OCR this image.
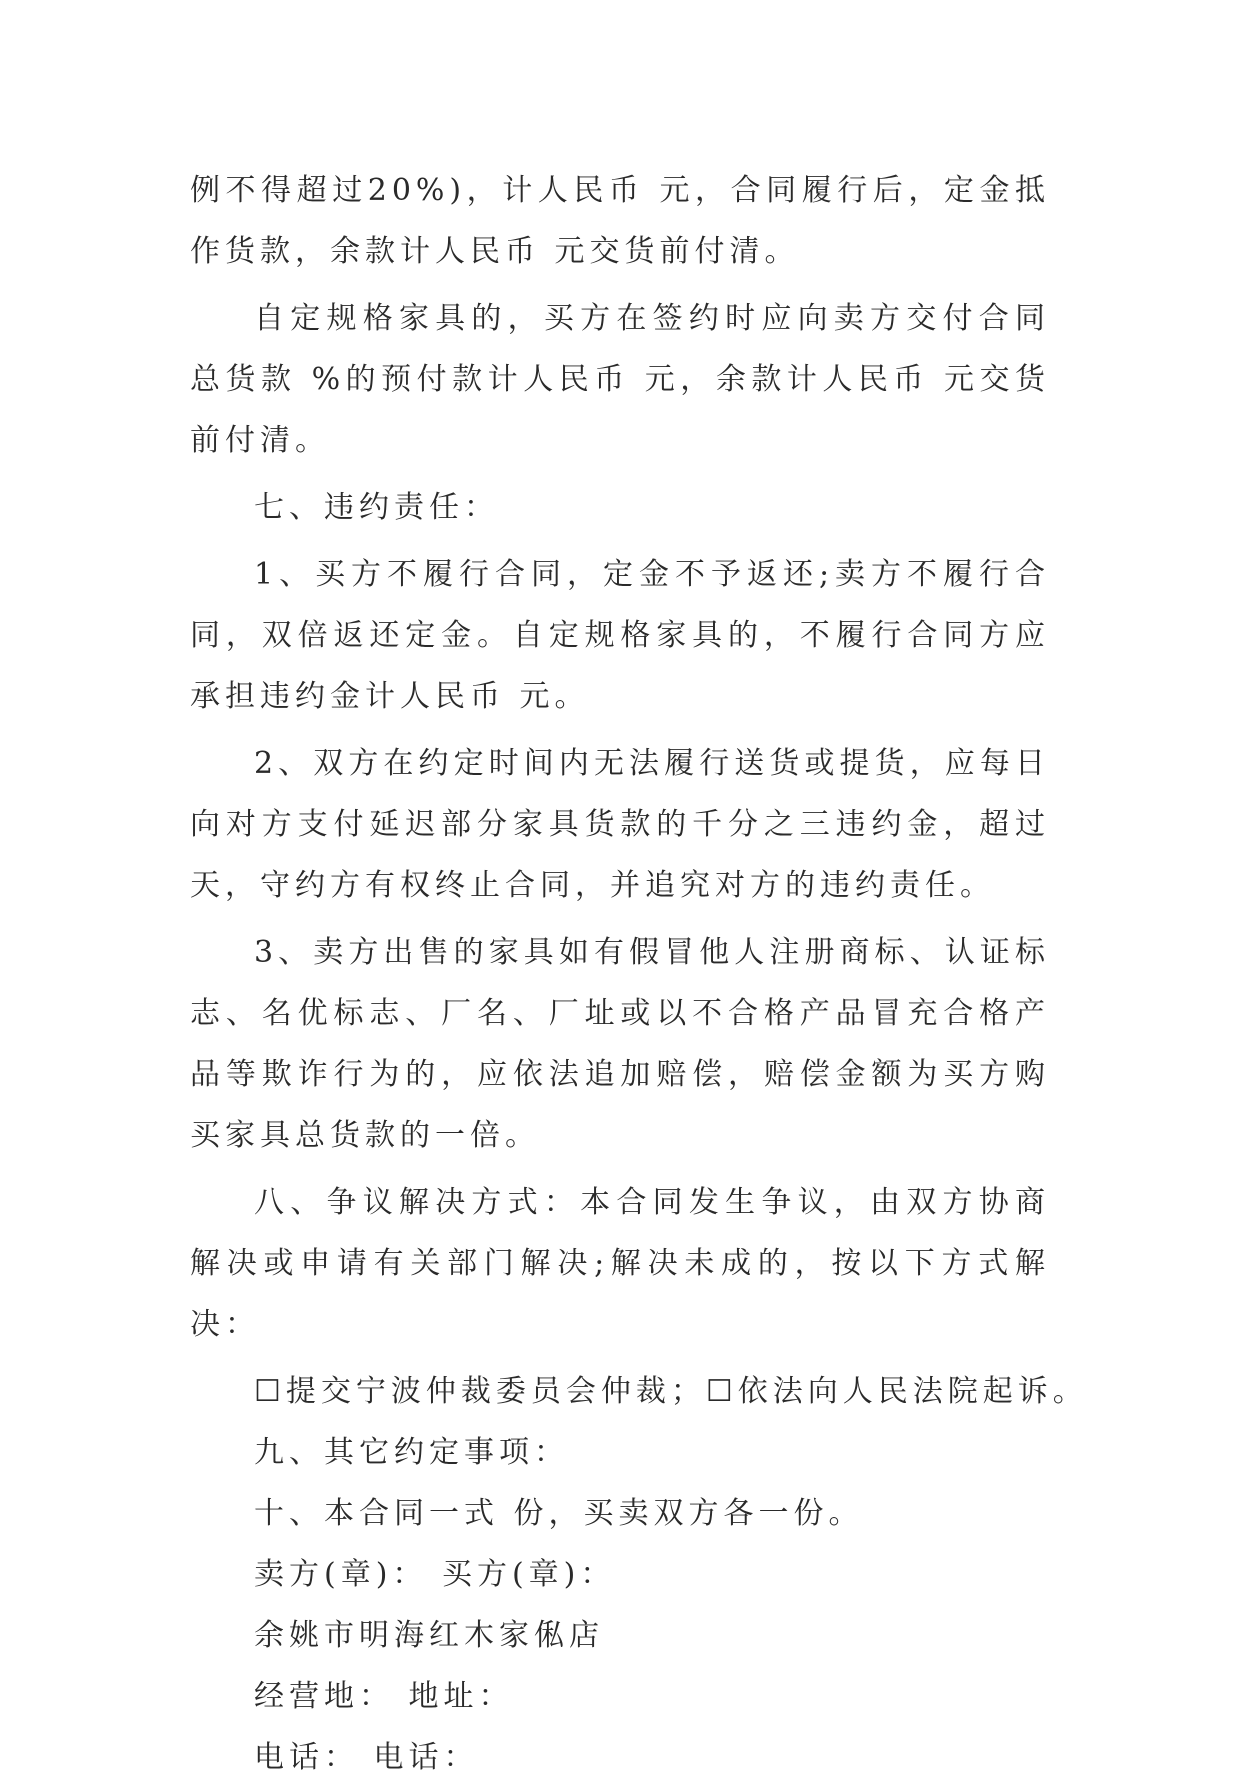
例不得超过20%)，计人民币 元，合同履行后，定金抵作货款，余款计人民币 元交货前付清。

自定规格家具的，买方在签约时应向卖方交付合同总货款 %的预付款计人民币 元，余款计人民币 元交货前付清。

七、违约责任：

1、买方不履行合同，定金不予返还;卖方不履行合同，双倍返还定金。自定规格家具的，不履行合同方应承担违约金计人民币 元。

2、双方在约定时间内无法履行送货或提货，应每日向对方支付延迟部分家具货款的千分之三违约金，超过天，守约方有权终止合同，并追究对方的违约责任。

3、卖方出售的家具如有假冒他人注册商标、认证标志、名优标志、厂名、厂址或以不合格产品冒充合格产品等欺诈行为的，应依法追加赔偿，赔偿金额为买方购买家具总货款的一倍。

八、争议解决方式：本合同发生争议，由双方协商解决或申请有关部门解决;解决未成的，按以下方式解决：

☐提交宁波仲裁委员会仲裁；☐依法向人民法院起诉。

九、其它约定事项：

十、本合同一式 份，买卖双方各一份。

卖方(章)： 买方(章)：

余姚市明海红木家俬店

经营地： 地址：

电话： 电话：
